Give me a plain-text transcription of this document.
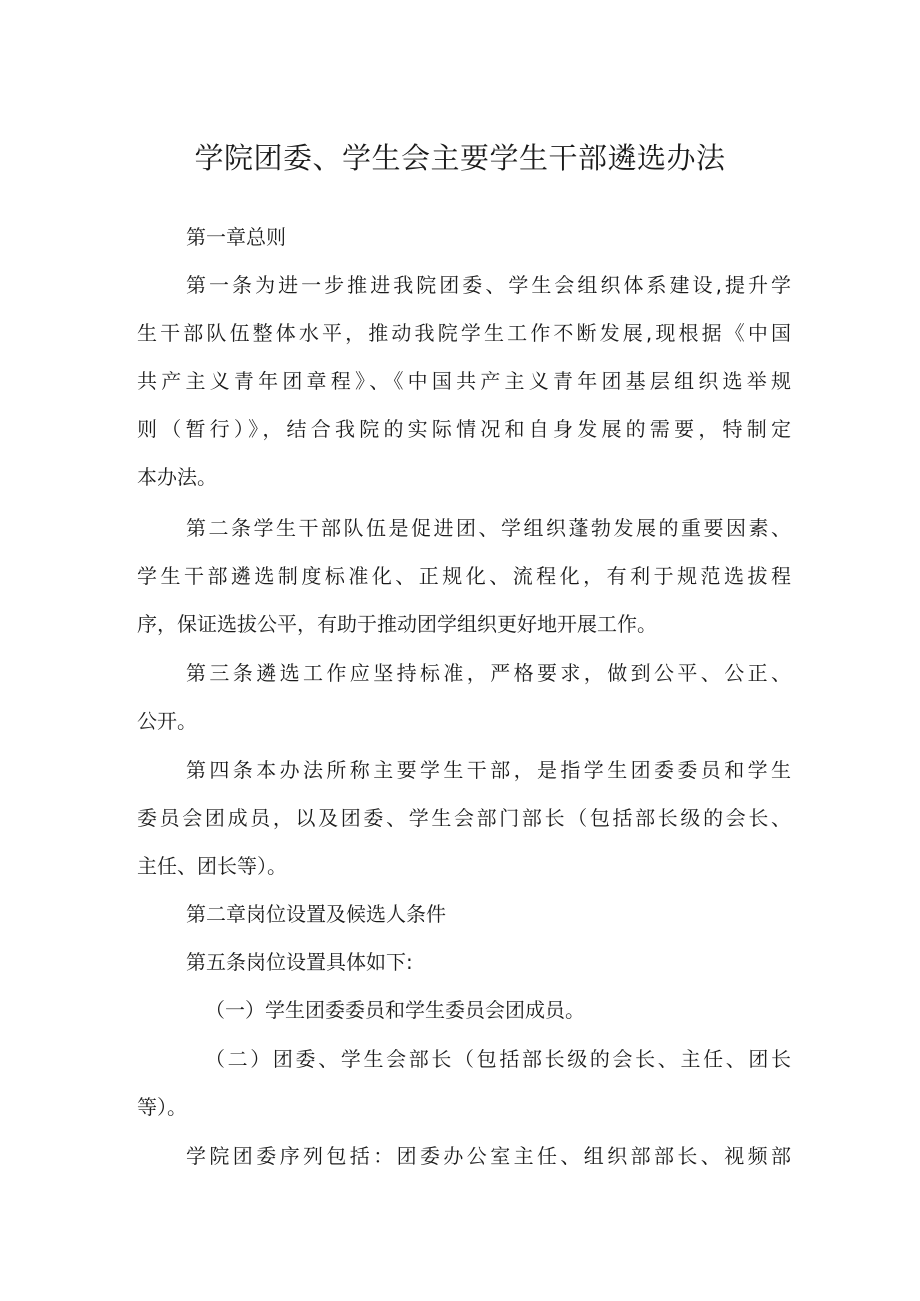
学院团委、学生会主要学生干部遴选办法
第一章总则
第一条为进一步推进我院团委、学生会组织体系建设,提升学
生干部队伍整体水平，推动我院学生工作不断发展,现根据《中国
共产主义青年团章程》、《中国共产主义青年团基层组织选举规
则（暂行）》，结合我院的实际情况和自身发展的需要，特制定
本办法。
第二条学生干部队伍是促进团、学组织蓬勃发展的重要因素、
学生干部遴选制度标准化、正规化、流程化，有利于规范选拔程
序，保证选拔公平，有助于推动团学组织更好地开展工作。
第三条遴选工作应坚持标准，严格要求，做到公平、公正、
公开。
第四条本办法所称主要学生干部，是指学生团委委员和学生
委员会团成员，以及团委、学生会部门部长（包括部长级的会长、
主任、团长等）。
第二章岗位设置及候选人条件
第五条岗位设置具体如下:
（一）学生团委委员和学生委员会团成员。
（二）团委、学生会部长（包括部长级的会长、主任、团长
等）。
学院团委序列包括：团委办公室主任、组织部部长、视频部
